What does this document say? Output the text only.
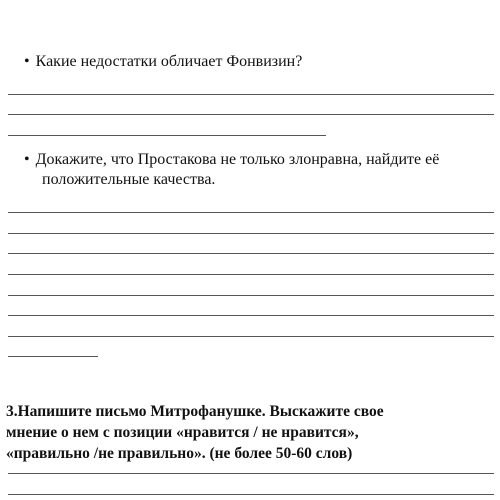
• Какие недостатки обличает Фонвизин?
• Докажите, что Простакова не только злонравна, найдите её
положительные качества.
3.Напишите письмо Митрофанушке. Выскажите свое
мнение о нем с позиции «нравится / не нравится»,
«правильно /не правильно». (не более 50-60 слов)
